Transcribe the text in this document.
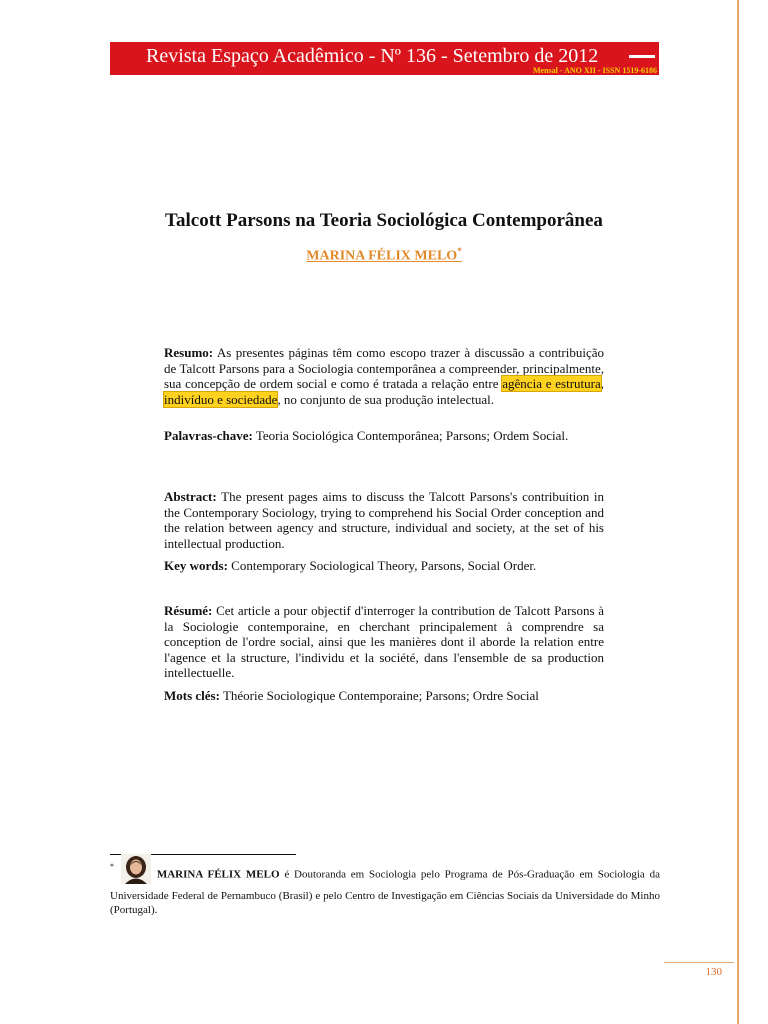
Revista Espaço Acadêmico - Nº 136 - Setembro de 2012
Mensal - ANO XII - ISSN 1519-6186
Talcott Parsons na Teoria Sociológica Contemporânea
MARINA FÉLIX MELO*
Resumo: As presentes páginas têm como escopo trazer à discussão a contribuição de Talcott Parsons para a Sociologia contemporânea a compreender, principalmente, sua concepção de ordem social e como é tratada a relação entre agência e estrutura, indivíduo e sociedade, no conjunto de sua produção intelectual.
Palavras-chave: Teoria Sociológica Contemporânea; Parsons; Ordem Social.
Abstract: The present pages aims to discuss the Talcott Parsons's contribuition in the Contemporary Sociology, trying to comprehend his Social Order conception and the relation between agency and structure, individual and society, at the set of his intellectual production.
Key words: Contemporary Sociological Theory, Parsons, Social Order.
Résumé: Cet article a pour objectif d'interroger la contribution de Talcott Parsons à la Sociologie contemporaine, en cherchant principalement à comprendre sa conception de l'ordre social, ainsi que les manières dont il aborde la relation entre l'agence et la structure, l'individu et la société, dans l'ensemble de sa production intellectuelle.
Mots clés: Théorie Sociologique Contemporaine; Parsons; Ordre Social
* MARINA FÉLIX MELO é Doutoranda em Sociologia pelo Programa de Pós-Graduação em Sociologia da Universidade Federal de Pernambuco (Brasil) e pelo Centro de Investigação em Ciências Sociais da Universidade do Minho (Portugal).
130
